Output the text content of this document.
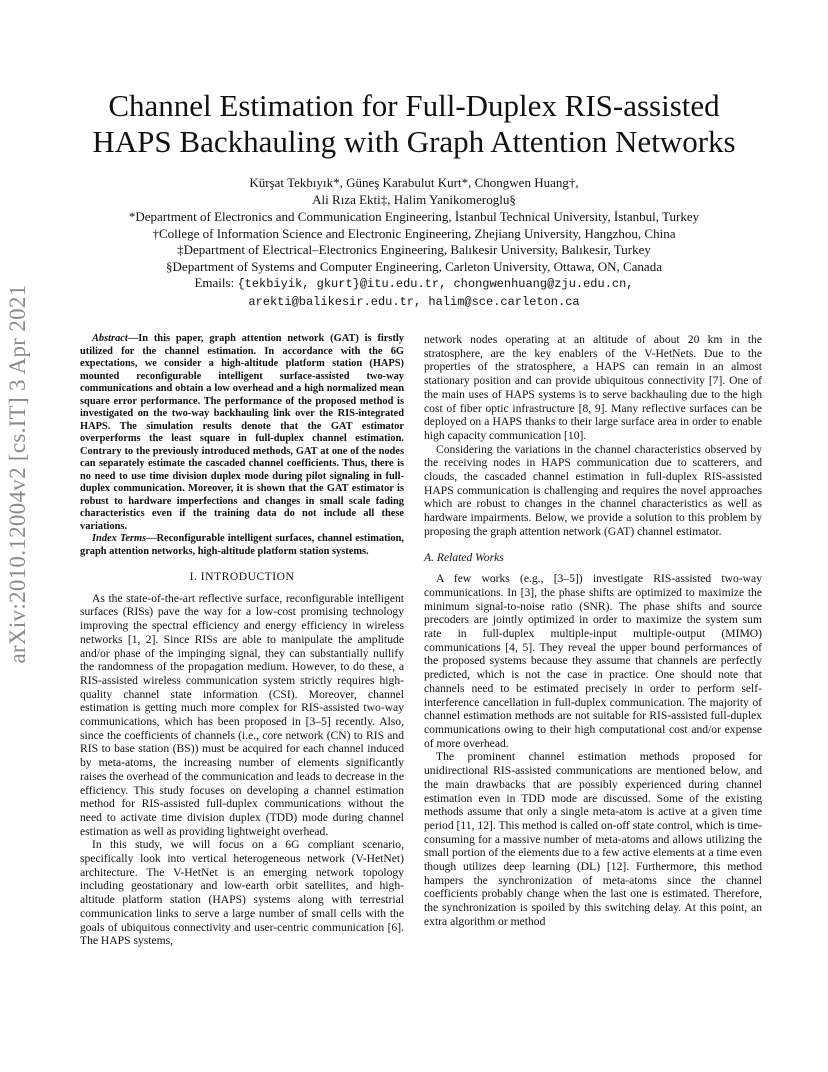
Channel Estimation for Full-Duplex RIS-assisted
HAPS Backhauling with Graph Attention Networks
Kürşat Tekbıyık*, Güneş Karabulut Kurt*, Chongwen Huang†,
Ali Rıza Ekti‡, Halim Yanikomeroglu§
*Department of Electronics and Communication Engineering, İstanbul Technical University, İstanbul, Turkey
†College of Information Science and Electronic Engineering, Zhejiang University, Hangzhou, China
‡Department of Electrical–Electronics Engineering, Balıkesir University, Balıkesir, Turkey
§Department of Systems and Computer Engineering, Carleton University, Ottawa, ON, Canada
Emails: {tekbiyik, gkurt}@itu.edu.tr, chongwenhuang@zju.edu.cn,
arekti@balikesir.edu.tr, halim@sce.carleton.ca
arXiv:2010.12004v2 [cs.IT] 3 Apr 2021	Abstract—In this paper, graph attention network (GAT) is firstly utilized for the channel estimation. In accordance with the 6G expectations, we consider a high-altitude platform station (HAPS) mounted reconfigurable intelligent surface-assisted two-way communications and obtain a low overhead and a high normalized mean square error performance. The performance of the proposed method is investigated on the two-way backhauling link over the RIS-integrated HAPS. The simulation results denote that the GAT estimator overperforms the least square in full-duplex channel estimation. Contrary to the previously introduced methods, GAT at one of the nodes can separately estimate the cascaded channel coefficients. Thus, there is no need to use time division duplex mode during pilot signaling in full-duplex communication. Moreover, it is shown that the GAT estimator is robust to hardware imperfections and changes in small scale fading characteristics even if the training data do not include all these variations.

Index Terms—Reconfigurable intelligent surfaces, channel estimation, graph attention networks, high-altitude platform station systems.

I. INTRODUCTION

As the state-of-the-art reflective surface, reconfigurable intelligent surfaces (RISs) pave the way for a low-cost promising technology improving the spectral efficiency and energy efficiency in wireless networks [1, 2]. Since RISs are able to manipulate the amplitude and/or phase of the impinging signal, they can substantially nullify the randomness of the propagation medium. However, to do these, a RIS-assisted wireless communication system strictly requires high-quality channel state information (CSI). Moreover, channel estimation is getting much more complex for RIS-assisted two-way communications, which has been proposed in [3–5] recently. Also, since the coefficients of channels (i.e., core network (CN) to RIS and RIS to base station (BS)) must be acquired for each channel induced by meta-atoms, the increasing number of elements significantly raises the overhead of the communication and leads to decrease in the efficiency. This study focuses on developing a channel estimation method for RIS-assisted full-duplex communications without the need to activate time division duplex (TDD) mode during channel estimation as well as providing lightweight overhead.

In this study, we will focus on a 6G compliant scenario, specifically look into vertical heterogeneous network (V-HetNet) architecture. The V-HetNet is an emerging network topology including geostationary and low-earth orbit satellites, and high-altitude platform station (HAPS) systems along with terrestrial communication links to serve a large number of small cells with the goals of ubiquitous connectivity and user-centric communication [6]. The HAPS systems,

network nodes operating at an altitude of about 20 km in the stratosphere, are the key enablers of the V-HetNets. Due to the properties of the stratosphere, a HAPS can remain in an almost stationary position and can provide ubiquitous connectivity [7]. One of the main uses of HAPS systems is to serve backhauling due to the high cost of fiber optic infrastructure [8, 9]. Many reflective surfaces can be deployed on a HAPS thanks to their large surface area in order to enable high capacity communication [10].

Considering the variations in the channel characteristics observed by the receiving nodes in HAPS communication due to scatterers, and clouds, the cascaded channel estimation in full-duplex RIS-assisted HAPS communication is challenging and requires the novel approaches which are robust to changes in the channel characteristics as well as hardware impairments. Below, we provide a solution to this problem by proposing the graph attention network (GAT) channel estimator.

A. Related Works

A few works (e.g., [3–5]) investigate RIS-assisted two-way communications. In [3], the phase shifts are optimized to maximize the minimum signal-to-noise ratio (SNR). The phase shifts and source precoders are jointly optimized in order to maximize the system sum rate in full-duplex multiple-input multiple-output (MIMO) communications [4, 5]. They reveal the upper bound performances of the proposed systems because they assume that channels are perfectly predicted, which is not the case in practice. One should note that channels need to be estimated precisely in order to perform self-interference cancellation in full-duplex communication. The majority of channel estimation methods are not suitable for RIS-assisted full-duplex communications owing to their high computational cost and/or expense of more overhead.

The prominent channel estimation methods proposed for unidirectional RIS-assisted communications are mentioned below, and the main drawbacks that are possibly experienced during channel estimation even in TDD mode are discussed. Some of the existing methods assume that only a single meta-atom is active at a given time period [11, 12]. This method is called on-off state control, which is time-consuming for a massive number of meta-atoms and allows utilizing the small portion of the elements due to a few active elements at a time even though utilizes deep learning (DL) [12]. Furthermore, this method hampers the synchronization of meta-atoms since the channel coefficients probably change when the last one is estimated. Therefore, the synchronization is spoiled by this switching delay. At this point, an extra algorithm or method
